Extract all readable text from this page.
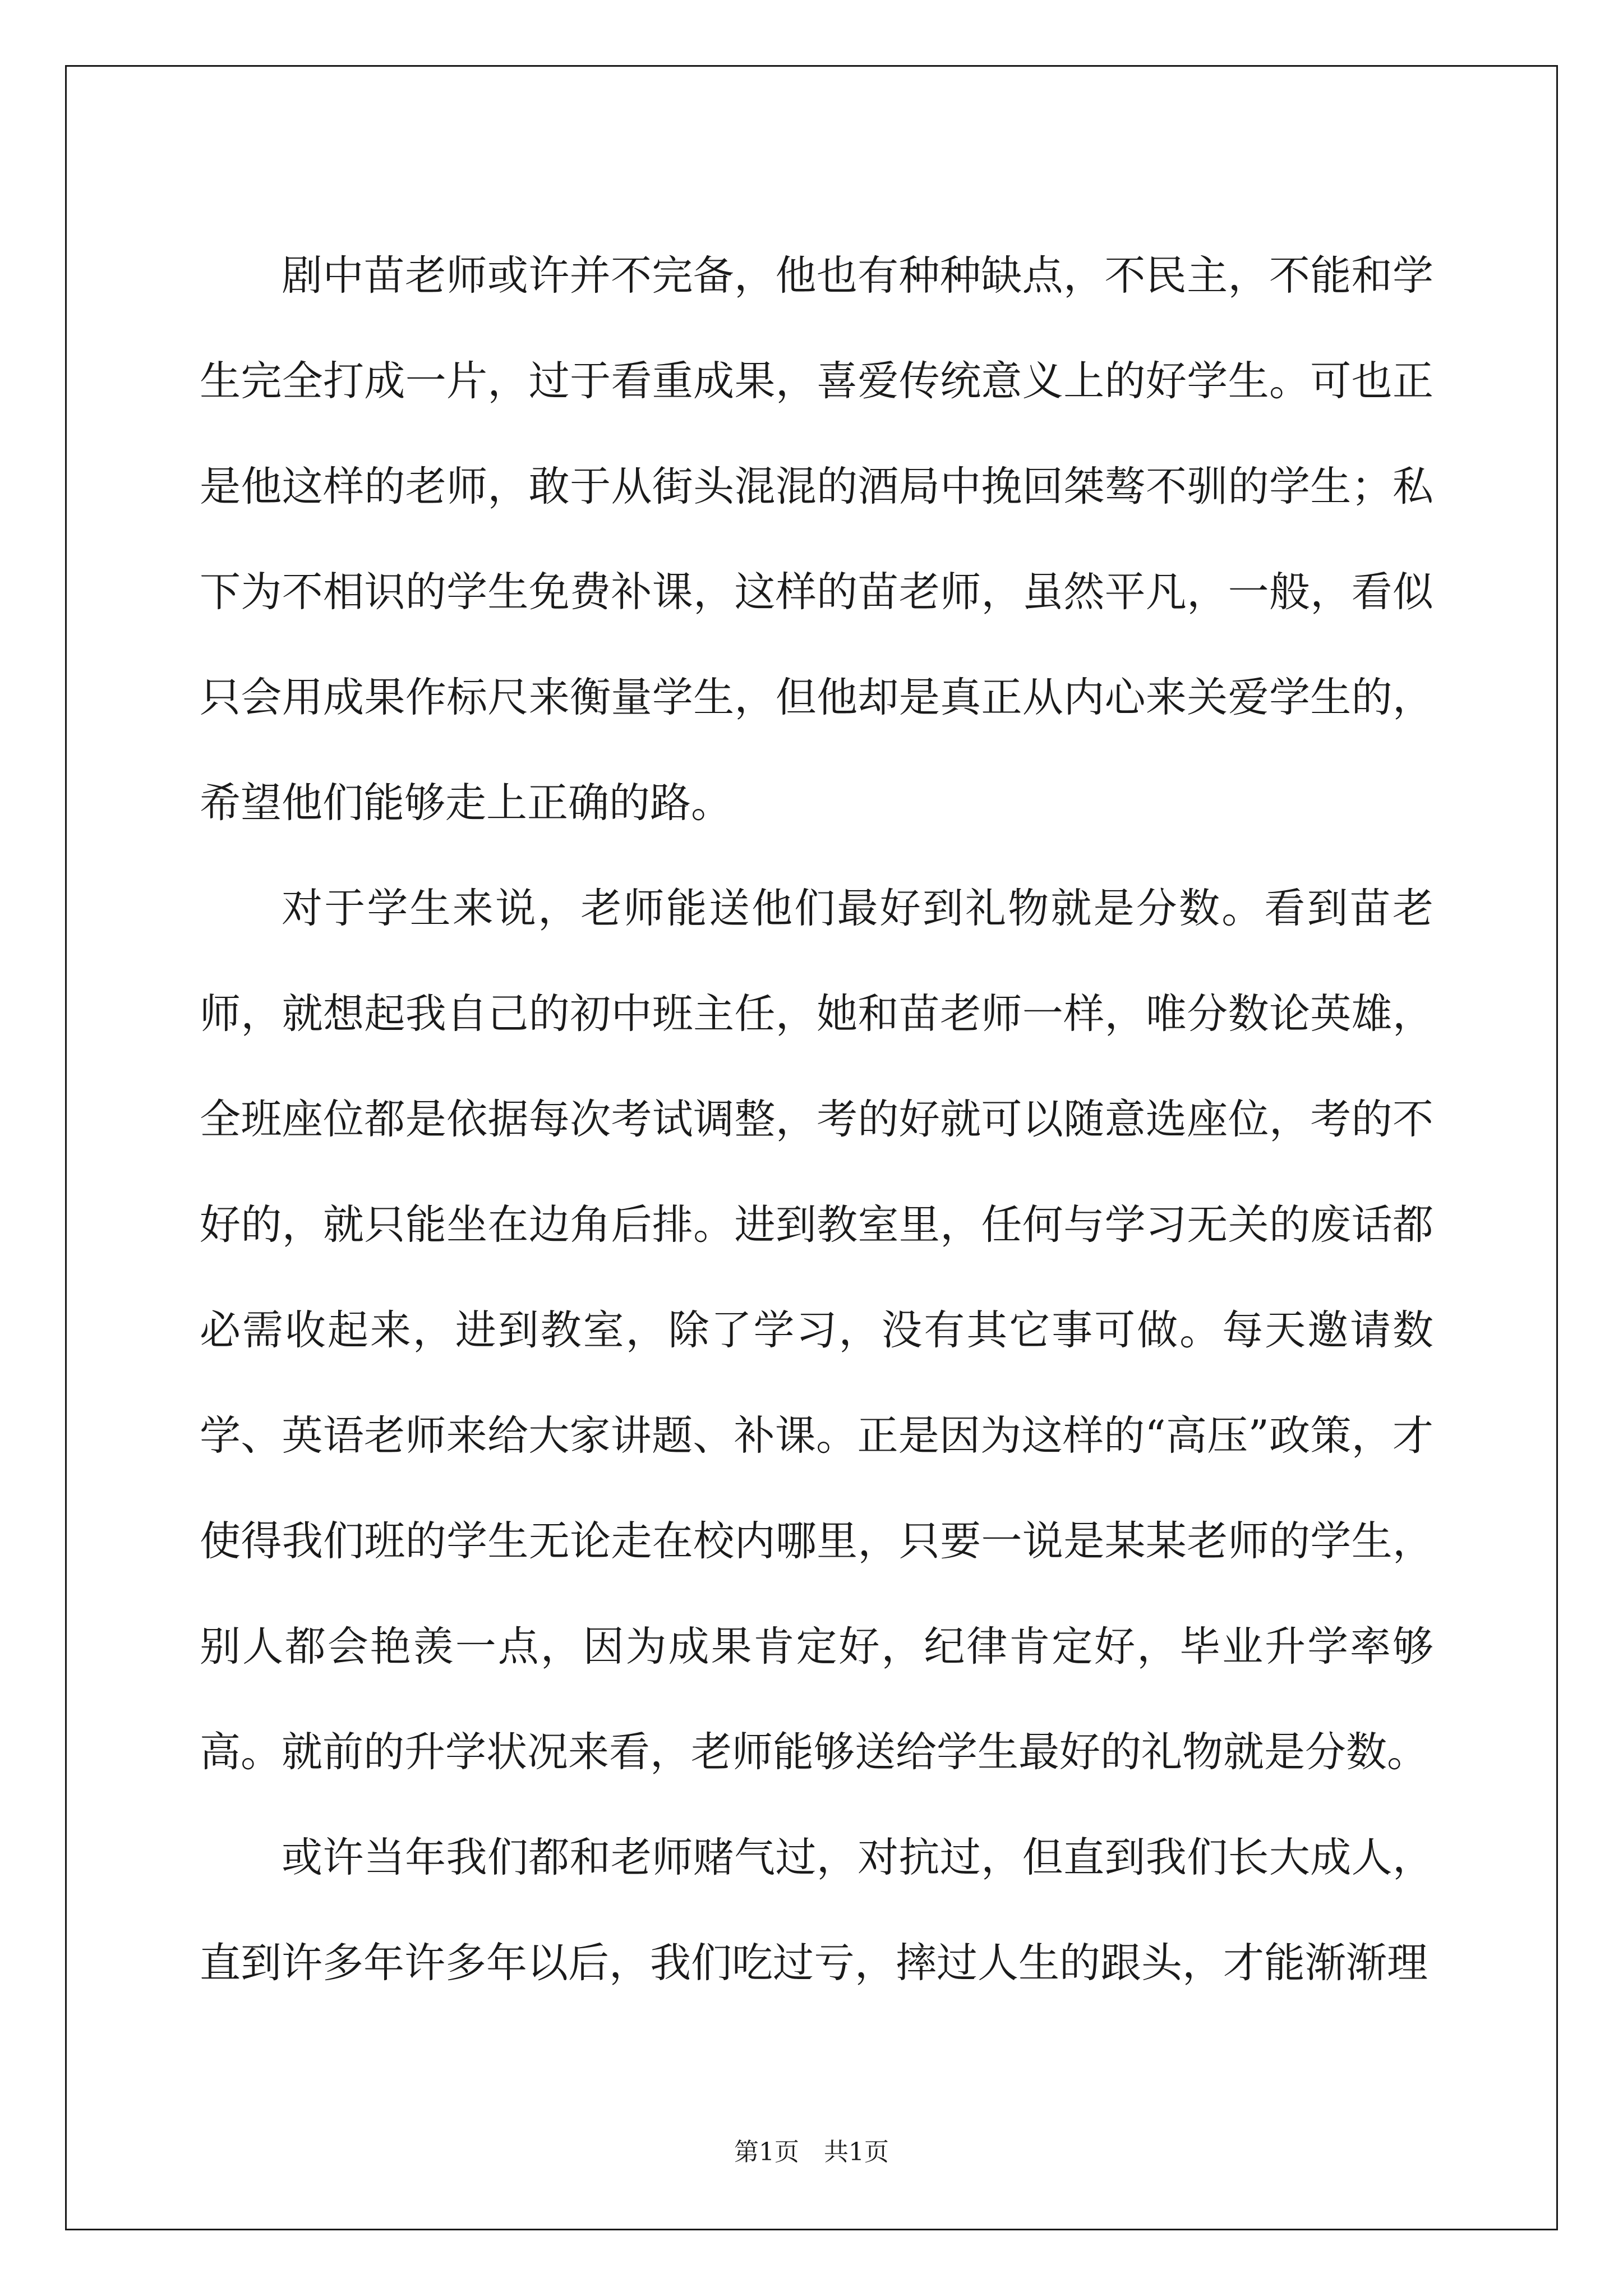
剧中苗老师或许并不完备，他也有种种缺点，不民主，不能和学生完全打成一片，过于看重成果，喜爱传统意义上的好学生。可也正是他这样的老师，敢于从街头混混的酒局中挽回桀骜不驯的学生；私下为不相识的学生免费补课，这样的苗老师，虽然平凡，一般，看似只会用成果作标尺来衡量学生，但他却是真正从内心来关爱学生的，希望他们能够走上正确的路。

对于学生来说，老师能送他们最好到礼物就是分数。看到苗老师，就想起我自己的初中班主任，她和苗老师一样，唯分数论英雄，全班座位都是依据每次考试调整，考的好就可以随意选座位，考的不好的，就只能坐在边角后排。进到教室里，任何与学习无关的废话都必需收起来，进到教室，除了学习，没有其它事可做。每天邀请数学、英语老师来给大家讲题、补课。正是因为这样的“高压”政策，才使得我们班的学生无论走在校内哪里，只要一说是某某老师的学生，别人都会艳羡一点，因为成果肯定好，纪律肯定好，毕业升学率够高。就前的升学状况来看，老师能够送给学生最好的礼物就是分数。

或许当年我们都和老师赌气过，对抗过，但直到我们长大成人，直到许多年许多年以后，我们吃过亏，摔过人生的跟头，才能渐渐理

第1页　共1页
